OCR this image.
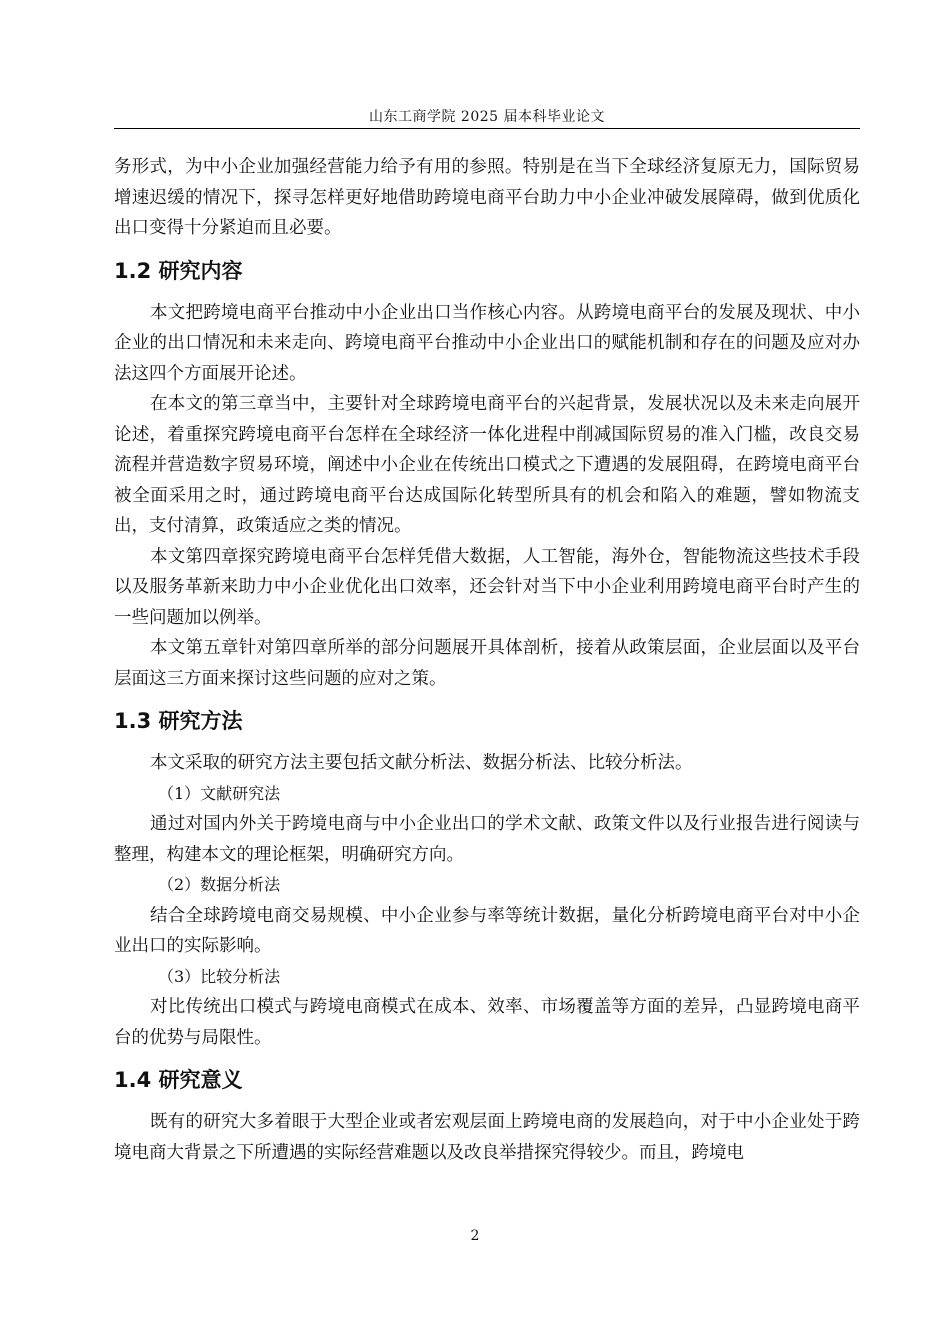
山东工商学院 2025 届本科毕业论文

务形式，为中小企业加强经营能力给予有用的参照。特别是在当下全球经济复原无力，国际贸易增速迟缓的情况下，探寻怎样更好地借助跨境电商平台助力中小企业冲破发展障碍，做到优质化出口变得十分紧迫而且必要。

1.2 研究内容

本文把跨境电商平台推动中小企业出口当作核心内容。从跨境电商平台的发展及现状、中小企业的出口情况和未来走向、跨境电商平台推动中小企业出口的赋能机制和存在的问题及应对办法这四个方面展开论述。

在本文的第三章当中，主要针对全球跨境电商平台的兴起背景，发展状况以及未来走向展开论述，着重探究跨境电商平台怎样在全球经济一体化进程中削减国际贸易的准入门槛，改良交易流程并营造数字贸易环境，阐述中小企业在传统出口模式之下遭遇的发展阻碍，在跨境电商平台被全面采用之时，通过跨境电商平台达成国际化转型所具有的机会和陷入的难题，譬如物流支出，支付清算，政策适应之类的情况。

本文第四章探究跨境电商平台怎样凭借大数据，人工智能，海外仓，智能物流这些技术手段以及服务革新来助力中小企业优化出口效率，还会针对当下中小企业利用跨境电商平台时产生的一些问题加以例举。

本文第五章针对第四章所举的部分问题展开具体剖析，接着从政策层面，企业层面以及平台层面这三方面来探讨这些问题的应对之策。

1.3 研究方法

本文采取的研究方法主要包括文献分析法、数据分析法、比较分析法。

（1）文献研究法

通过对国内外关于跨境电商与中小企业出口的学术文献、政策文件以及行业报告进行阅读与整理，构建本文的理论框架，明确研究方向。

（2）数据分析法

结合全球跨境电商交易规模、中小企业参与率等统计数据，量化分析跨境电商平台对中小企业出口的实际影响。

（3）比较分析法

对比传统出口模式与跨境电商模式在成本、效率、市场覆盖等方面的差异，凸显跨境电商平台的优势与局限性。

1.4 研究意义

既有的研究大多着眼于大型企业或者宏观层面上跨境电商的发展趋向，对于中小企业处于跨境电商大背景之下所遭遇的实际经营难题以及改良举措探究得较少。而且，跨境电

2
